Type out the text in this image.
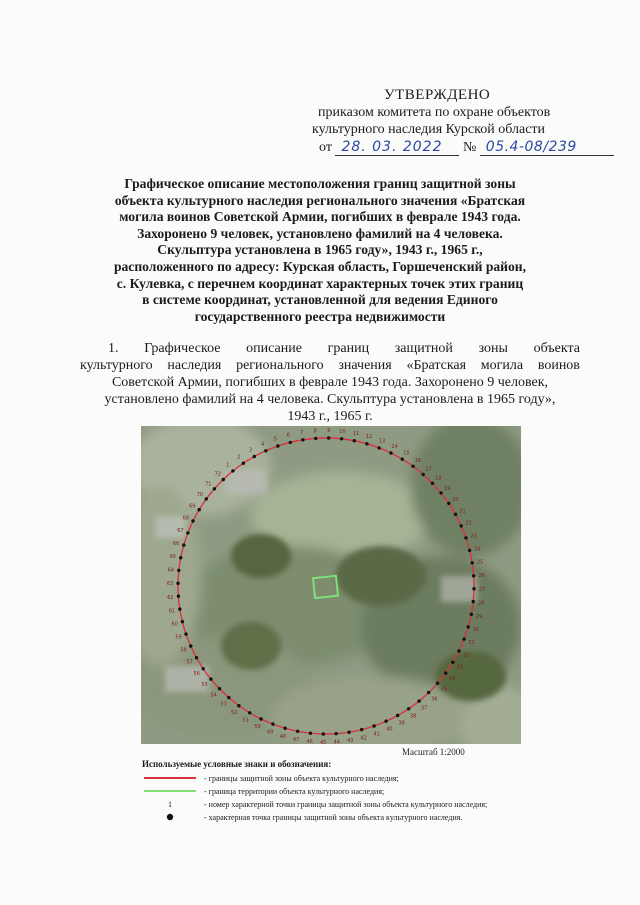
УТВЕРЖДЕНО
приказом комитета по охране объектов
культурного наследия Курской области
от 28. 03. 2022 № 05.4-08/239
Графическое описание местоположения границ защитной зоны
объекта культурного наследия регионального значения «Братская
могила воинов Советской Армии, погибших в феврале 1943 года.
Захоронено 9 человек, установлено фамилий на 4 человека.
Скульптура установлена в 1965 году», 1943 г., 1965 г.,
расположенного по адресу: Курская область, Горшеченский район,
с. Кулевка, с перечнем координат характерных точек этих границ
в системе координат, установленной для ведения Единого
государственного реестра недвижимости
1. Графическое описание границ защитной зоны объекта
культурного наследия регионального значения «Братская могила воинов
Советской Армии, погибших в феврале 1943 года. Захоронено 9 человек,
установлено фамилий на 4 человека. Скульптура установлена в 1965 году»,
1943 г., 1965 г.
1
2
3
4
5
6 7 8 9 10 11
12
13
14
15
16
17
18
19
20
21
22
23
24
25
26
27
28
29
30
31
32
33
34
35
36
37
38
39
40
41
42
43
44
45
46
47
48
49
50
51
52
53
54
55
56
57
58
59
60
61
62
63
64
65
66
67
68
69
70
71
72
Масштаб 1:2000
Используемые условные знаки и обозначения:
- границы защитной зоны объекта культурного наследия;
- граница территории объекта культурного наследия;
1	- номер характерной точки границы защитной зоны объекта культурного наследия;
- характерная точка границы защитной зоны объекта культурного наследия.
